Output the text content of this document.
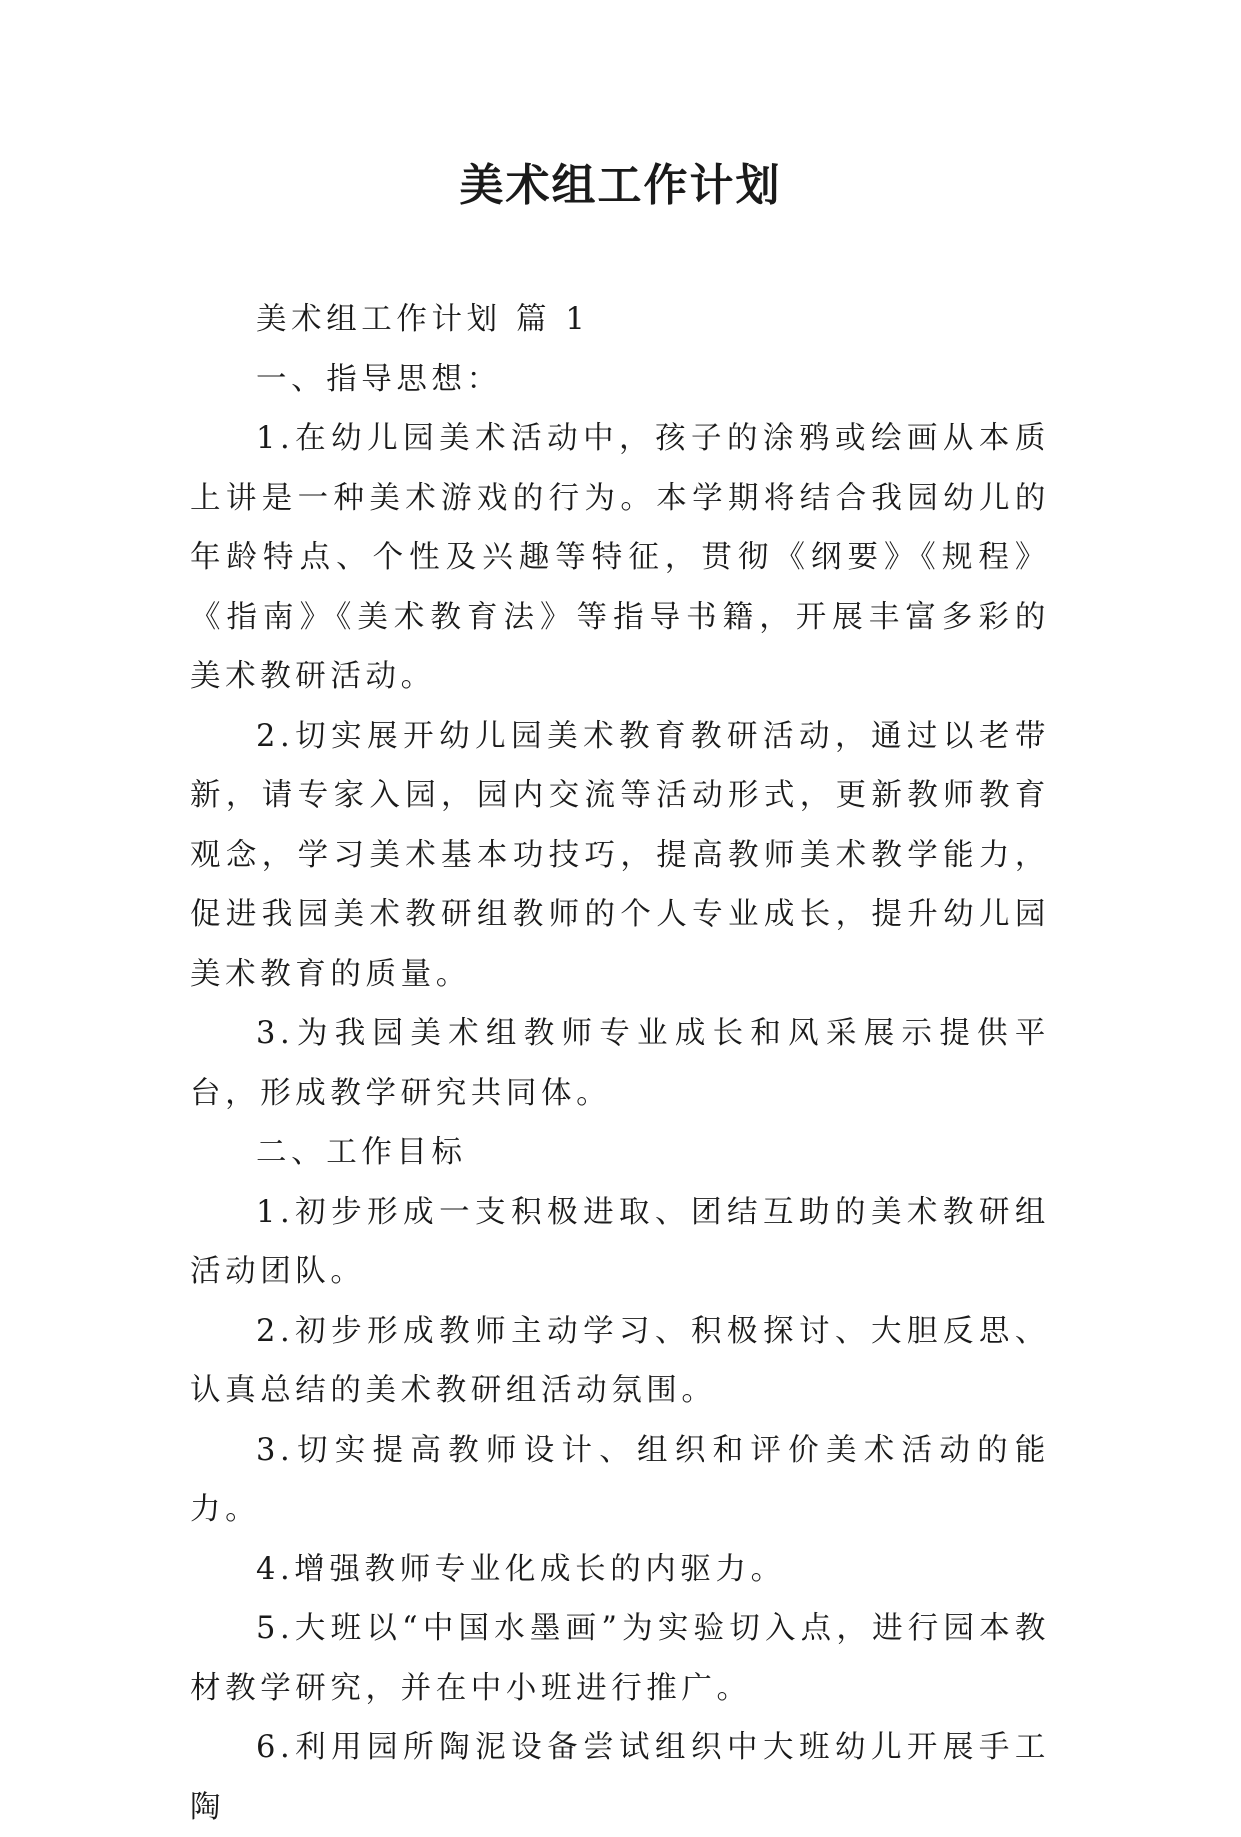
美术组工作计划

美术组工作计划 篇 1

一、指导思想：

1.在幼儿园美术活动中，孩子的涂鸦或绘画从本质上讲是一种美术游戏的行为。本学期将结合我园幼儿的年龄特点、个性及兴趣等特征，贯彻《纲要》《规程》《指南》《美术教育法》等指导书籍，开展丰富多彩的美术教研活动。

2.切实展开幼儿园美术教育教研活动，通过以老带新，请专家入园，园内交流等活动形式，更新教师教育观念，学习美术基本功技巧，提高教师美术教学能力，促进我园美术教研组教师的个人专业成长，提升幼儿园美术教育的质量。

3.为我园美术组教师专业成长和风采展示提供平台，形成教学研究共同体。

二、工作目标

1.初步形成一支积极进取、团结互助的美术教研组活动团队。

2.初步形成教师主动学习、积极探讨、大胆反思、认真总结的美术教研组活动氛围。

3.切实提高教师设计、组织和评价美术活动的能力。

4.增强教师专业化成长的内驱力。

5.大班以“中国水墨画”为实验切入点，进行园本教材教学研究，并在中小班进行推广。

6.利用园所陶泥设备尝试组织中大班幼儿开展手工陶
